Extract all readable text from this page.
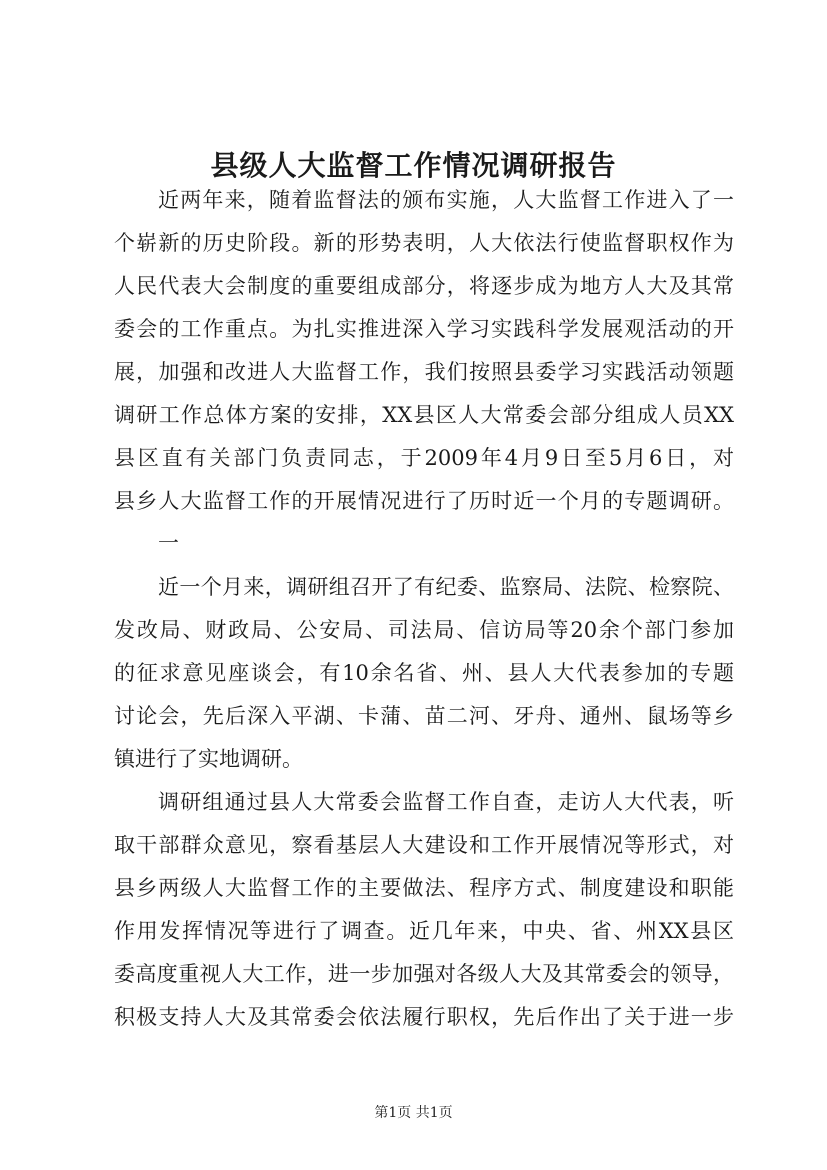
县级人大监督工作情况调研报告
近两年来，随着监督法的颁布实施，人大监督工作进入了一
个崭新的历史阶段。新的形势表明，人大依法行使监督职权作为
人民代表大会制度的重要组成部分，将逐步成为地方人大及其常
委会的工作重点。为扎实推进深入学习实践科学发展观活动的开
展，加强和改进人大监督工作，我们按照县委学习实践活动领题
调研工作总体方案的安排，XX县区人大常委会部分组成人员XX
县区直有关部门负责同志，于2009年4月9日至5月6日，对
县乡人大监督工作的开展情况进行了历时近一个月的专题调研。
一
近一个月来，调研组召开了有纪委、监察局、法院、检察院、
发改局、财政局、公安局、司法局、信访局等20余个部门参加
的征求意见座谈会，有10余名省、州、县人大代表参加的专题
讨论会，先后深入平湖、卡蒲、苗二河、牙舟、通州、鼠场等乡
镇进行了实地调研。
调研组通过县人大常委会监督工作自查，走访人大代表，听
取干部群众意见，察看基层人大建设和工作开展情况等形式，对
县乡两级人大监督工作的主要做法、程序方式、制度建设和职能
作用发挥情况等进行了调查。近几年来，中央、省、州XX县区
委高度重视人大工作，进一步加强对各级人大及其常委会的领导，
积极支持人大及其常委会依法履行职权，先后作出了关于进一步
第1页 共1页
